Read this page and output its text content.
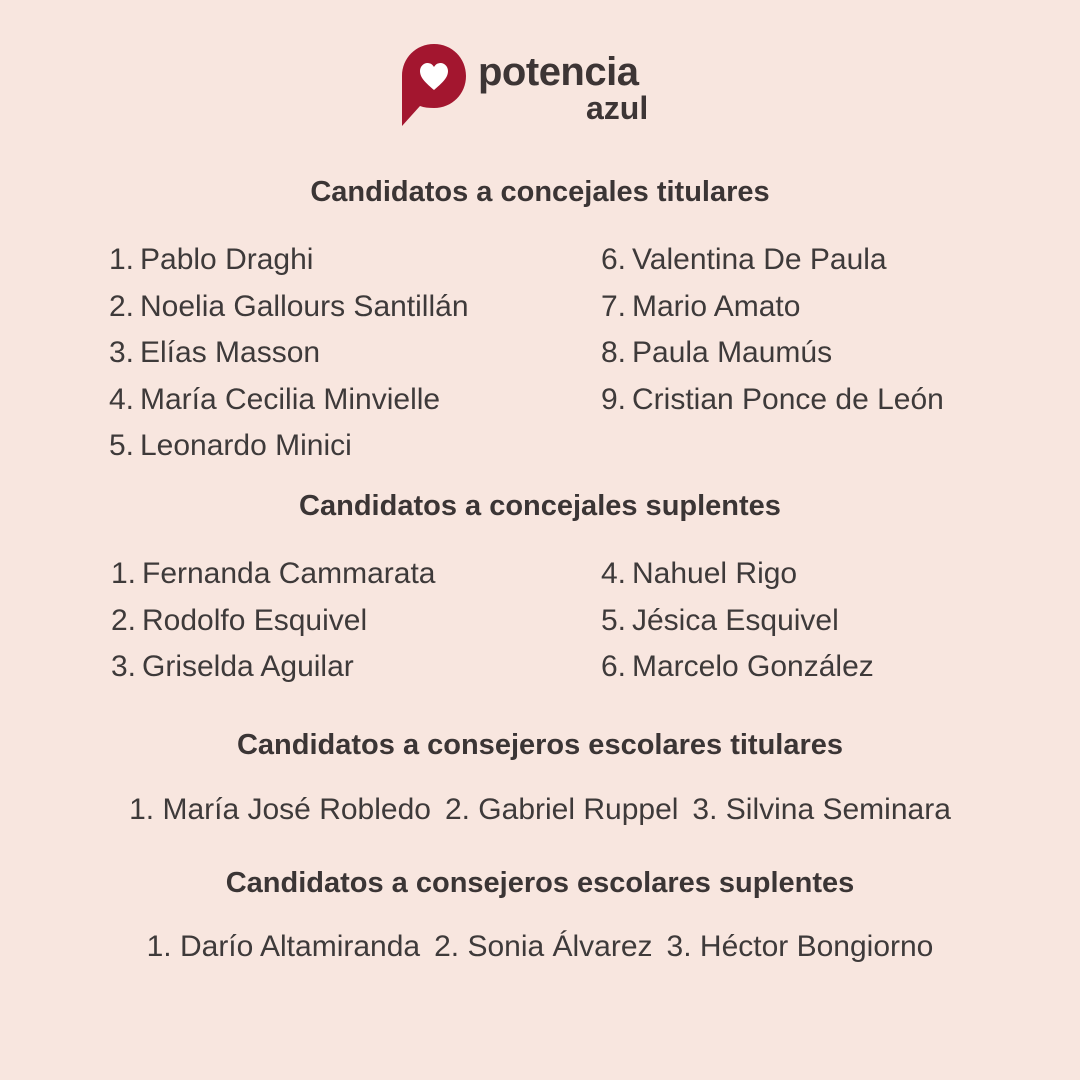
potencia
azul
Candidatos a concejales titulares
1. Pablo Draghi
2. Noelia Gallours Santillán
3. Elías Masson
4. María Cecilia Minvielle
5. Leonardo Minici
6. Valentina De Paula
7. Mario Amato
8. Paula Maumús
9. Cristian Ponce de León
Candidatos a concejales suplentes
1. Fernanda Cammarata
2. Rodolfo Esquivel
3. Griselda Aguilar
4. Nahuel Rigo
5. Jésica Esquivel
6. Marcelo González
Candidatos a consejeros escolares titulares
1. María José Robledo 2. Gabriel Ruppel 3. Silvina Seminara
Candidatos a consejeros escolares suplentes
1. Darío Altamiranda 2. Sonia Álvarez 3. Héctor Bongiorno
